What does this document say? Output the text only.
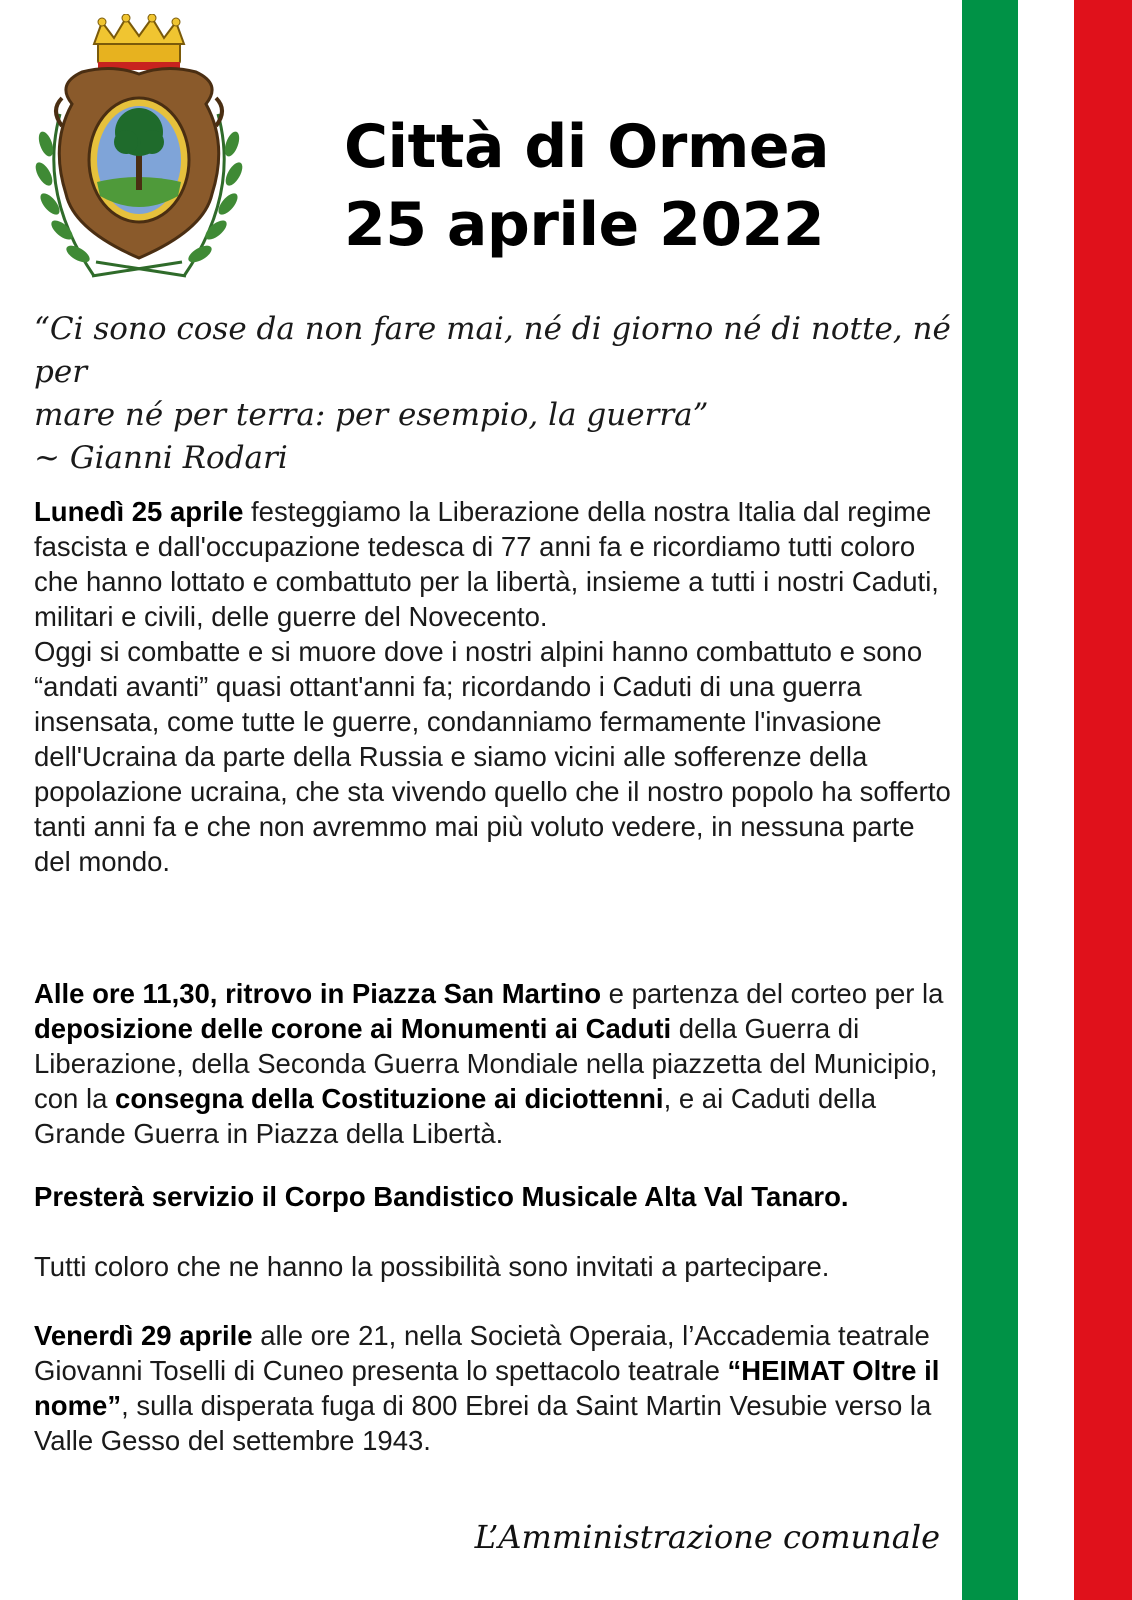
Città di Ormea
25 aprile 2022
“Ci sono cose da non fare mai, né di giorno né di notte, né per
mare né per terra: per esempio, la guerra”
~ Gianni Rodari
Lunedì 25 aprile festeggiamo la Liberazione della nostra Italia dal regime fascista e dall'occupazione tedesca di 77 anni fa e ricordiamo tutti coloro che hanno lottato e combattuto per la libertà, insieme a tutti i nostri Caduti, militari e civili, delle guerre del Novecento.
Oggi si combatte e si muore dove i nostri alpini hanno combattuto e sono “andati avanti” quasi ottant'anni fa; ricordando i Caduti di una guerra insensata, come tutte le guerre, condanniamo fermamente l'invasione dell'Ucraina da parte della Russia e siamo vicini alle sofferenze della popolazione ucraina, che sta vivendo quello che il nostro popolo ha sofferto tanti anni fa e che non avremmo mai più voluto vedere, in nessuna parte del mondo.
Alle ore 11,30, ritrovo in Piazza San Martino e partenza del corteo per la deposizione delle corone ai Monumenti ai Caduti della Guerra di Liberazione, della Seconda Guerra Mondiale nella piazzetta del Municipio, con la consegna della Costituzione ai diciottenni, e ai Caduti della Grande Guerra in Piazza della Libertà.
Presterà servizio il Corpo Bandistico Musicale Alta Val Tanaro.
Tutti coloro che ne hanno la possibilità sono invitati a partecipare.
Venerdì 29 aprile alle ore 21, nella Società Operaia, l’Accademia teatrale Giovanni Toselli di Cuneo presenta lo spettacolo teatrale “HEIMAT Oltre il nome”, sulla disperata fuga di 800 Ebrei da Saint Martin Vesubie verso la Valle Gesso del settembre 1943.
L’Amministrazione comunale
